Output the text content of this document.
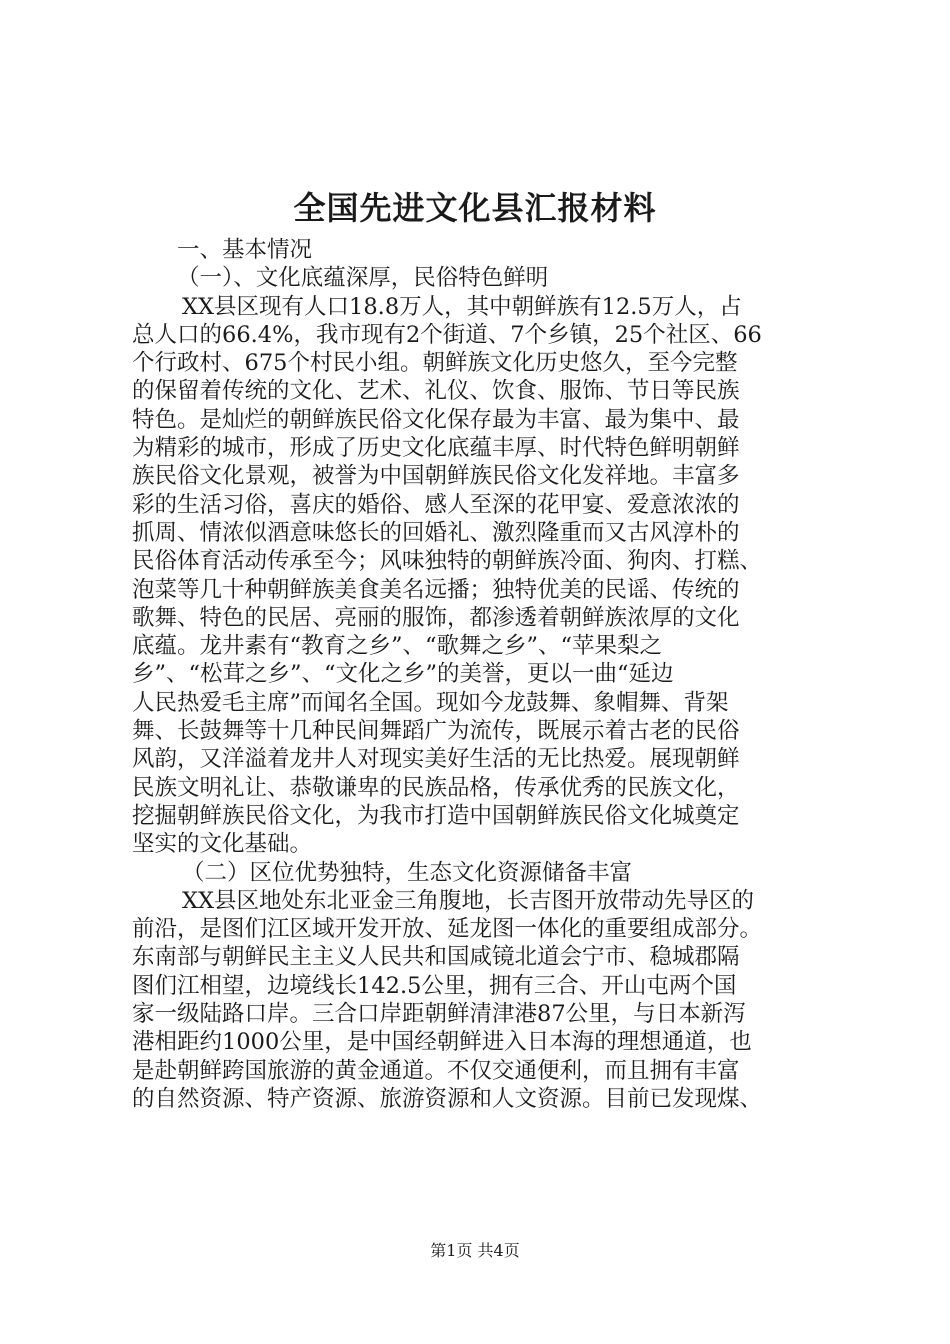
全国先进文化县汇报材料
一、基本情况
（一）、文化底蕴深厚，民俗特色鲜明
XX县区现有人口18.8万人，其中朝鲜族有12.5万人，占
总人口的66.4%，我市现有2个街道、7个乡镇，25个社区、66
个行政村、675个村民小组。朝鲜族文化历史悠久，至今完整
的保留着传统的文化、艺术、礼仪、饮食、服饰、节日等民族
特色。是灿烂的朝鲜族民俗文化保存最为丰富、最为集中、最
为精彩的城市，形成了历史文化底蕴丰厚、时代特色鲜明朝鲜
族民俗文化景观，被誉为中国朝鲜族民俗文化发祥地。丰富多
彩的生活习俗，喜庆的婚俗、感人至深的花甲宴、爱意浓浓的
抓周、情浓似酒意味悠长的回婚礼、激烈隆重而又古风淳朴的
民俗体育活动传承至今；风味独特的朝鲜族冷面、狗肉、打糕、
泡菜等几十种朝鲜族美食美名远播；独特优美的民谣、传统的
歌舞、特色的民居、亮丽的服饰，都渗透着朝鲜族浓厚的文化
底蕴。龙井素有“教育之乡”、“歌舞之乡”、“苹果梨之
乡”、“松茸之乡”、“文化之乡”的美誉，更以一曲“延边
人民热爱毛主席”而闻名全国。现如今龙鼓舞、象帽舞、背架
舞、长鼓舞等十几种民间舞蹈广为流传，既展示着古老的民俗
风韵，又洋溢着龙井人对现实美好生活的无比热爱。展现朝鲜
民族文明礼让、恭敬谦卑的民族品格，传承优秀的民族文化，
挖掘朝鲜族民俗文化，为我市打造中国朝鲜族民俗文化城奠定
坚实的文化基础。
（二）区位优势独特，生态文化资源储备丰富
XX县区地处东北亚金三角腹地，长吉图开放带动先导区的
前沿，是图们江区域开发开放、延龙图一体化的重要组成部分。
东南部与朝鲜民主主义人民共和国咸镜北道会宁市、稳城郡隔
图们江相望，边境线长142.5公里，拥有三合、开山屯两个国
家一级陆路口岸。三合口岸距朝鲜清津港87公里，与日本新泻
港相距约1000公里，是中国经朝鲜进入日本海的理想通道，也
是赴朝鲜跨国旅游的黄金通道。不仅交通便利，而且拥有丰富
的自然资源、特产资源、旅游资源和人文资源。目前已发现煤、
第1页 共4页
